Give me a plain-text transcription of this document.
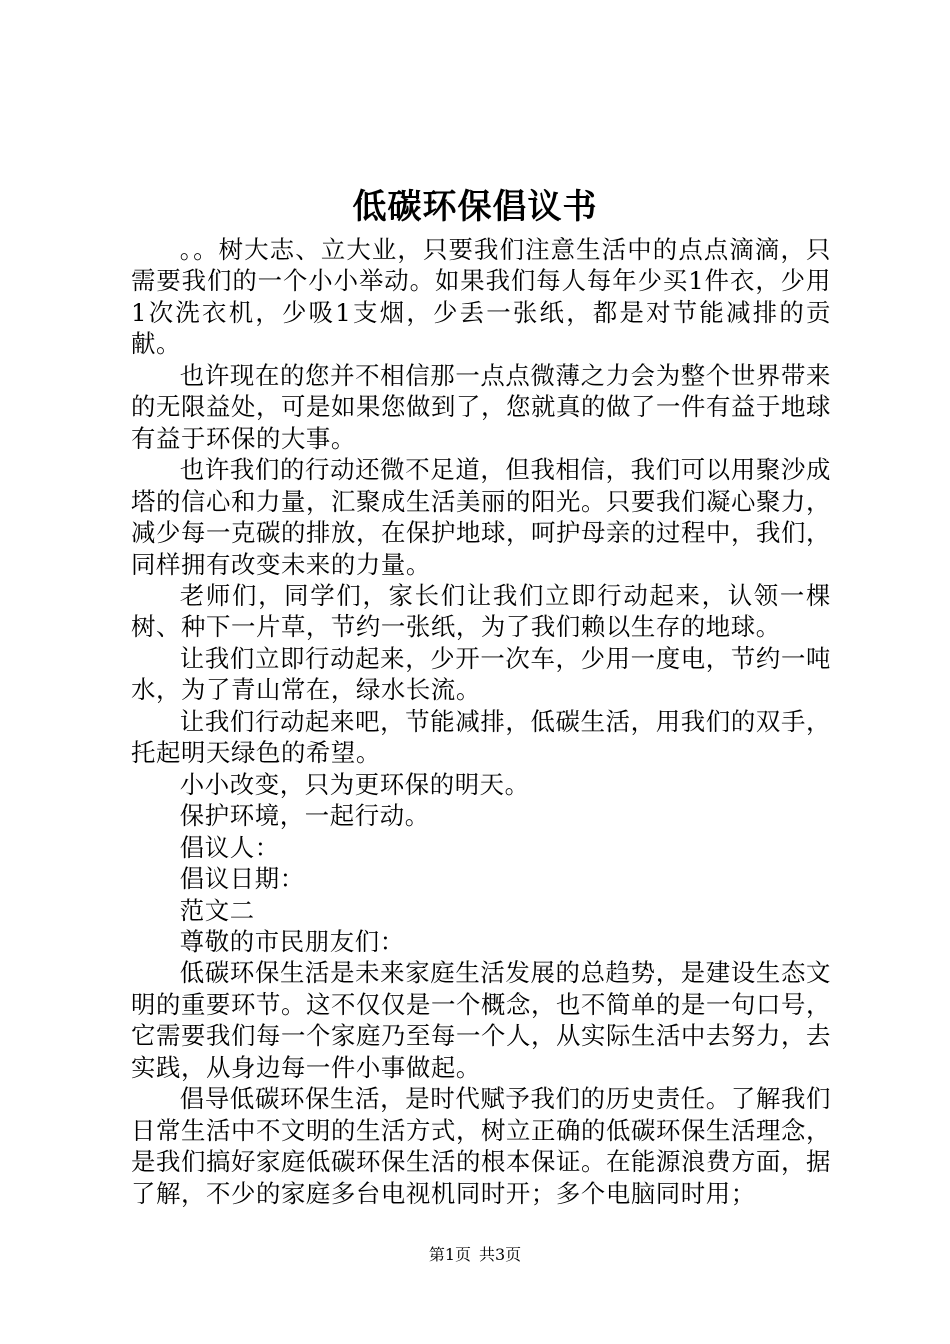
低碳环保倡议书

。。树大志、立大业，只要我们注意生活中的点点滴滴，只需要我们的一个小小举动。如果我们每人每年少买1件衣，少用1次洗衣机，少吸1支烟，少丢一张纸，都是对节能减排的贡献。

也许现在的您并不相信那一点点微薄之力会为整个世界带来的无限益处，可是如果您做到了，您就真的做了一件有益于地球有益于环保的大事。

也许我们的行动还微不足道，但我相信，我们可以用聚沙成塔的信心和力量，汇聚成生活美丽的阳光。只要我们凝心聚力，减少每一克碳的排放，在保护地球，呵护母亲的过程中，我们，同样拥有改变未来的力量。

老师们，同学们，家长们让我们立即行动起来，认领一棵树、种下一片草，节约一张纸，为了我们赖以生存的地球。

让我们立即行动起来，少开一次车，少用一度电，节约一吨水，为了青山常在，绿水长流。

让我们行动起来吧，节能减排，低碳生活，用我们的双手，托起明天绿色的希望。

小小改变，只为更环保的明天。

保护环境，一起行动。

倡议人：

倡议日期：

范文二

尊敬的市民朋友们：

低碳环保生活是未来家庭生活发展的总趋势，是建设生态文明的重要环节。这不仅仅是一个概念，也不简单的是一句口号，它需要我们每一个家庭乃至每一个人，从实际生活中去努力，去实践，从身边每一件小事做起。

倡导低碳环保生活，是时代赋予我们的历史责任。了解我们日常生活中不文明的生活方式，树立正确的低碳环保生活理念，是我们搞好家庭低碳环保生活的根本保证。在能源浪费方面，据了解，不少的家庭多台电视机同时开；多个电脑同时用；

第1页 共3页
